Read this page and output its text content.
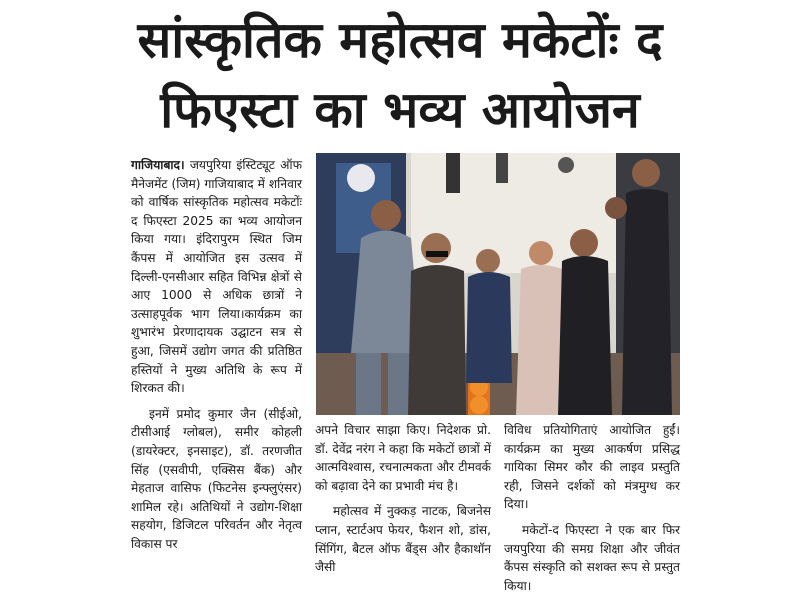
सांस्कृतिक महोत्सव मकेटोंः द
फिएस्टा का भव्य आयोजन

गाजियाबाद। जयपुरिया इंस्टिट्यूट ऑफ मैनेजमेंट (जिम) गाजियाबाद में शनिवार को वार्षिक सांस्कृतिक महोत्सव मकेटोंः द फिएस्टा 2025 का भव्य आयोजन किया गया। इंदिरापुरम स्थित जिम कैंपस में आयोजित इस उत्सव में दिल्ली-एनसीआर सहित विभिन्न क्षेत्रों से आए 1000 से अधिक छात्रों ने उत्साहपूर्वक भाग लिया।कार्यक्रम का शुभारंभ प्रेरणादायक उद्घाटन सत्र से हुआ, जिसमें उद्योग जगत की प्रतिष्ठित हस्तियों ने मुख्य अतिथि के रूप में शिरकत की।

इनमें प्रमोद कुमार जैन (सीईओ, टीसीआई ग्लोबल), समीर कोहली (डायरेक्टर, इनसाइट), डॉ. तरणजीत सिंह (एसवीपी, एक्सिस बैंक) और मेहताज वासिफ (फिटनेस इन्फ्लुएंसर) शामिल रहे। अतिथियों ने उद्योग-शिक्षा सहयोग, डिजिटल परिवर्तन और नेतृत्व विकास पर

अपने विचार साझा किए। निदेशक प्रो. डॉ. देवेंद्र नरंग ने कहा कि मकेटों छात्रों में आत्मविश्वास, रचनात्मकता और टीमवर्क को बढ़ावा देने का प्रभावी मंच है।

महोत्सव में नुक्कड़ नाटक, बिजनेस प्लान, स्टार्टअप फेयर, फैशन शो, डांस, सिंगिंग, बैटल ऑफ बैंड्स और हैकाथॉन जैसी

विविध प्रतियोगिताएं आयोजित हुईं। कार्यक्रम का मुख्य आकर्षण प्रसिद्ध गायिका सिमर कौर की लाइव प्रस्तुति रही, जिसने दर्शकों को मंत्रमुग्ध कर दिया।

मकेटों-द फिएस्टा ने एक बार फिर जयपुरिया की समग्र शिक्षा और जीवंत कैंपस संस्कृति को सशक्त रूप से प्रस्तुत किया।
